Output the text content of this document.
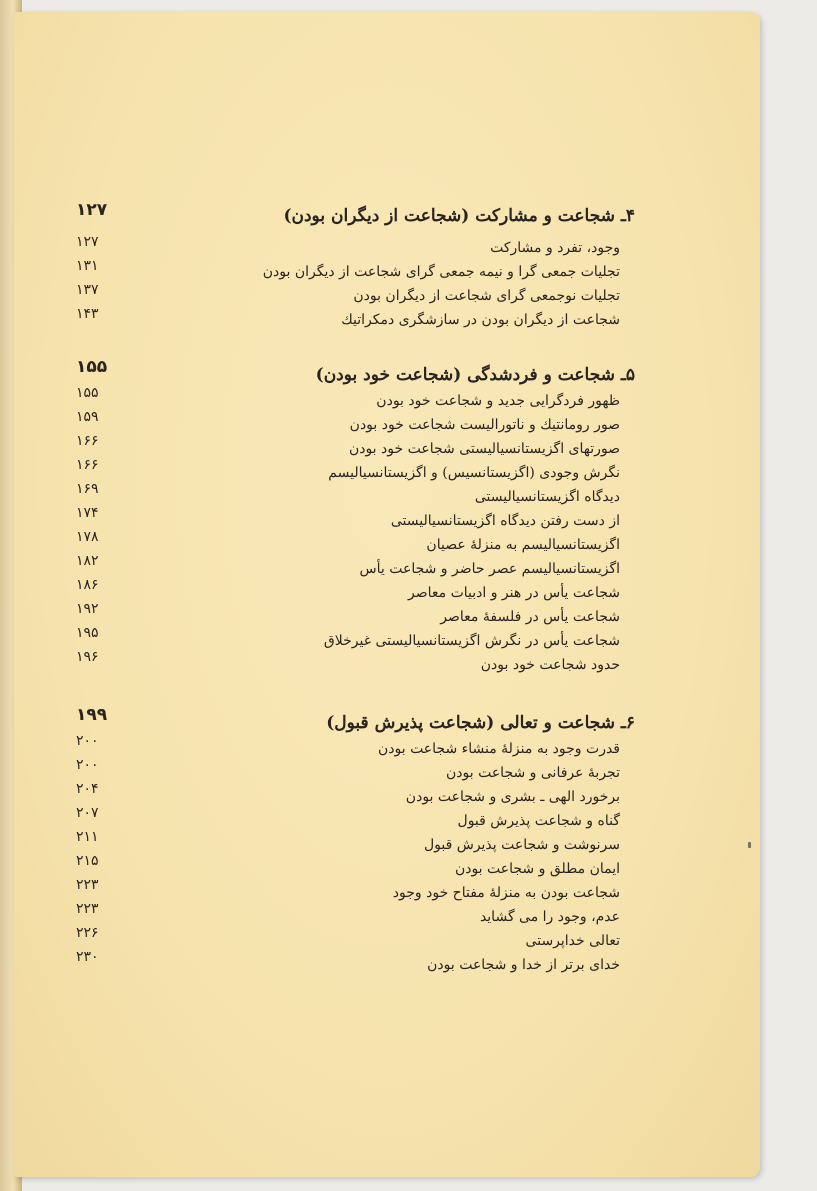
۴ـ شجاعت و مشارکت (شجاعت از دیگران بودن)
۱۲۷
وجود، تفرد و مشارکت
۱۲۷
تجلیات جمعی گرا و نیمه جمعی گرای شجاعت از دیگران بودن
۱۳۱
تجلیات نوجمعی گرای شجاعت از دیگران بودن
۱۳۷
شجاعت از دیگران بودن در سازشگری دمکراتیك
۱۴۳
۵ـ شجاعت و فردشدگی (شجاعت خود بودن)
۱۵۵
ظهور فردگرایی جدید و شجاعت خود بودن
۱۵۵
صور رومانتیك و ناتورالیست شجاعت خود بودن
۱۵۹
صورتهای اگزیستانسیالیستی شجاعت خود بودن
۱۶۶
نگرش وجودی (اگزیستانسیس) و اگزیستانسیالیسم
۱۶۶
دیدگاه اگزیستانسیالیستی
۱۶۹
از دست رفتن دیدگاه اگزیستانسیالیستی
۱۷۴
اگزیستانسیالیسم به منزلهٔ عصیان
۱۷۸
اگزیستانسیالیسم عصر حاضر و شجاعت یأس
۱۸۲
شجاعت یأس در هنر و ادبیات معاصر
۱۸۶
شجاعت یأس در فلسفهٔ معاصر
۱۹۲
شجاعت یأس در نگرش اگزیستانسیالیستی غیرخلاق
۱۹۵
حدود شجاعت خود بودن
۱۹۶
۶ـ شجاعت و تعالی (شجاعت پذیرش قبول)
۱۹۹
قدرت وجود به منزلهٔ منشاء شجاعت بودن
۲۰۰
تجربهٔ عرفانی و شجاعت بودن
۲۰۰
برخورد الهی ـ بشری و شجاعت بودن
۲۰۴
گناه و شجاعت پذیرش قبول
۲۰۷
سرنوشت و شجاعت پذیرش قبول
۲۱۱
ایمان مطلق و شجاعت بودن
۲۱۵
شجاعت بودن به منزلهٔ مفتاح خود وجود
۲۲۳
عدم، وجود را می گشاید
۲۲۳
تعالی خداپرستی
۲۲۶
خدای برتر از خدا و شجاعت بودن
۲۳۰
